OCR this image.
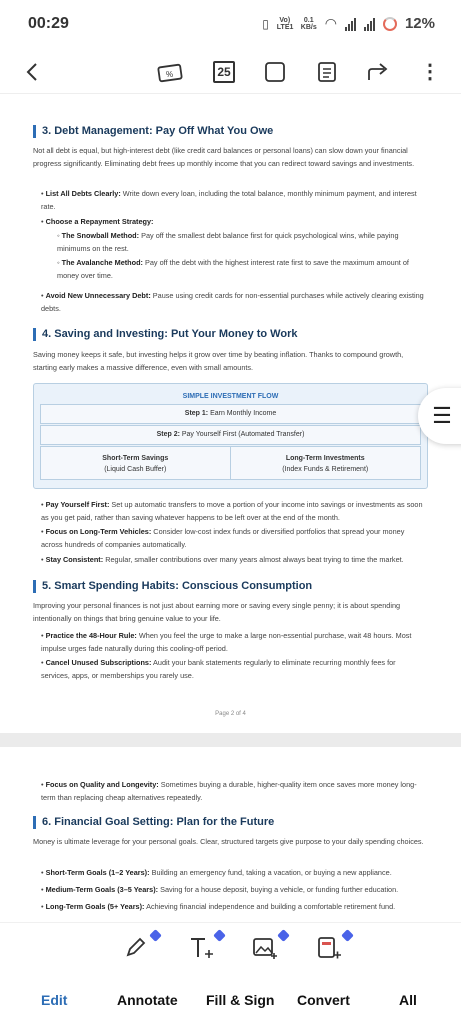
00:29	▯	Vo) LTE1
0.1
KB/s ◠	12%
%	25	⋮
3. Debt Management: Pay Off What You Owe
Not all debt is equal, but high-interest debt (like credit card balances or personal loans) can slow down your financial progress significantly. Eliminating debt frees up monthly income that you can redirect toward savings and investments.
• List All Debts Clearly: Write down every loan, including the total balance, monthly minimum payment, and interest rate.
• Choose a Repayment Strategy:
◦ The Snowball Method: Pay off the smallest debt balance first for quick psychological wins, while paying minimums on the rest.
◦ The Avalanche Method: Pay off the debt with the highest interest rate first to save the maximum amount of money over time.
• Avoid New Unnecessary Debt: Pause using credit cards for non-essential purchases while actively clearing existing debts.
4. Saving and Investing: Put Your Money to Work
Saving money keeps it safe, but investing helps it grow over time by beating inflation. Thanks to compound growth, starting early makes a massive difference, even with small amounts.
SIMPLE INVESTMENT FLOW
Step 1: Earn Monthly Income
Step 2: Pay Yourself First (Automated Transfer)
Short-Term Savings
(Liquid Cash Buffer)
Long-Term Investments
(Index Funds & Retirement)
• Pay Yourself First: Set up automatic transfers to move a portion of your income into savings or investments as soon as you get paid, rather than saving whatever happens to be left over at the end of the month.
• Focus on Long-Term Vehicles: Consider low-cost index funds or diversified portfolios that spread your money across hundreds of companies automatically.
• Stay Consistent: Regular, smaller contributions over many years almost always beat trying to time the market.
5. Smart Spending Habits: Conscious Consumption
Improving your personal finances is not just about earning more or saving every single penny; it is about spending intentionally on things that bring genuine value to your life.
• Practice the 48-Hour Rule: When you feel the urge to make a large non-essential purchase, wait 48 hours. Most impulse urges fade naturally during this cooling-off period.
• Cancel Unused Subscriptions: Audit your bank statements regularly to eliminate recurring monthly fees for services, apps, or memberships you rarely use.
Page 2 of 4
• Focus on Quality and Longevity: Sometimes buying a durable, higher-quality item once saves more money long-term than replacing cheap alternatives repeatedly.
6. Financial Goal Setting: Plan for the Future
Money is ultimate leverage for your personal goals. Clear, structured targets give purpose to your daily spending choices.
• Short-Term Goals (1–2 Years): Building an emergency fund, taking a vacation, or buying a new appliance.
• Medium-Term Goals (3–5 Years): Saving for a house deposit, buying a vehicle, or funding further education.
• Long-Term Goals (5+ Years): Achieving financial independence and building a comfortable retirement fund.
☰
Edit	Annotate Fill & Sign Convert	All
